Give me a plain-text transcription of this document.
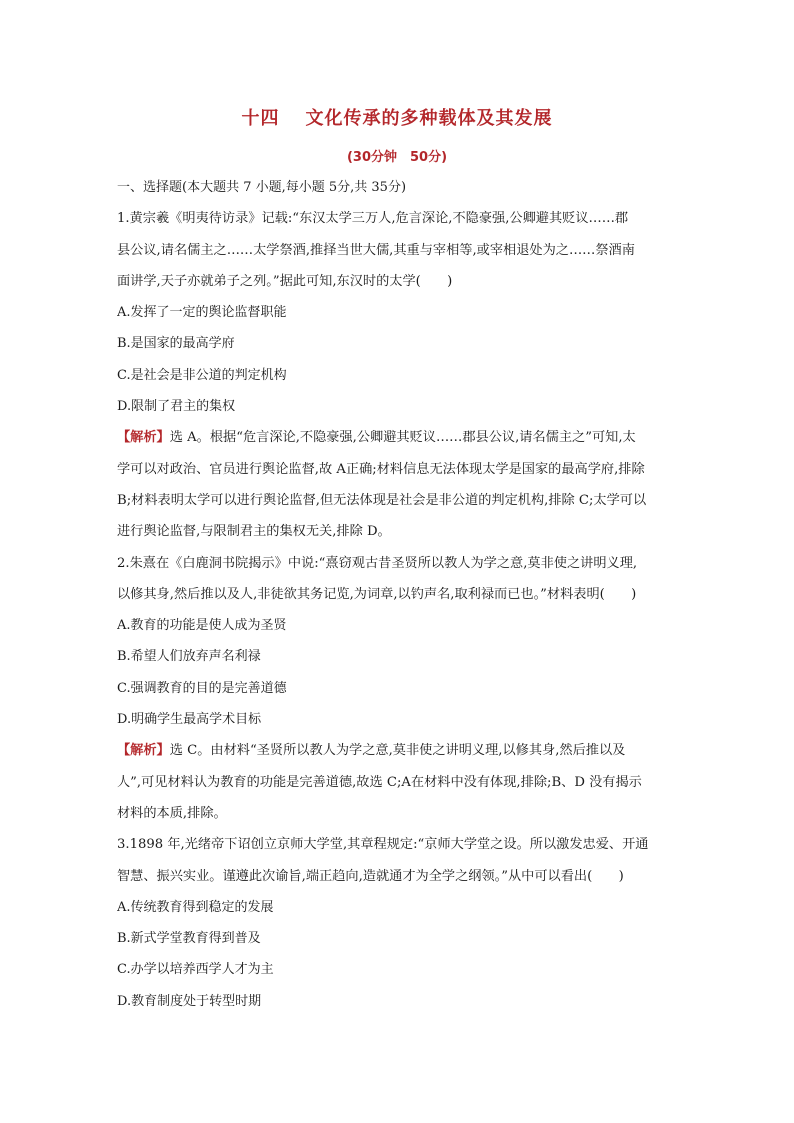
十四 文化传承的多种载体及其发展
(30分钟　50分)
一、选择题(本大题共 7 小题,每小题 5分,共 35分)
1.黄宗羲《明夷待访录》记载:“东汉太学三万人,危言深论,不隐豪强,公卿避其贬议……郡
县公议,请名儒主之……太学祭酒,推择当世大儒,其重与宰相等,或宰相退处为之……祭酒南
面讲学,天子亦就弟子之列。”据此可知,东汉时的太学(　　)
A.发挥了一定的舆论监督职能
B.是国家的最高学府
C.是社会是非公道的判定机构
D.限制了君主的集权
【解析】选 A。根据“危言深论,不隐豪强,公卿避其贬议……郡县公议,请名儒主之”可知,太
学可以对政治、官员进行舆论监督,故 A正确;材料信息无法体现太学是国家的最高学府,排除
B;材料表明太学可以进行舆论监督,但无法体现是社会是非公道的判定机构,排除 C;太学可以
进行舆论监督,与限制君主的集权无关,排除 D。
2.朱熹在《白鹿洞书院揭示》中说:“熹窃观古昔圣贤所以教人为学之意,莫非使之讲明义理,
以修其身,然后推以及人,非徒欲其务记览,为词章,以钓声名,取利禄而已也。”材料表明(　　)
A.教育的功能是使人成为圣贤
B.希望人们放弃声名利禄
C.强调教育的目的是完善道德
D.明确学生最高学术目标
【解析】选 C。由材料“圣贤所以教人为学之意,莫非使之讲明义理,以修其身,然后推以及
人”,可见材料认为教育的功能是完善道德,故选 C;A在材料中没有体现,排除;B、D 没有揭示
材料的本质,排除。
3.1898 年,光绪帝下诏创立京师大学堂,其章程规定:“京师大学堂之设。所以激发忠爱、开通
智慧、振兴实业。谨遵此次谕旨,端正趋向,造就通才为全学之纲领。”从中可以看出(　　)
A.传统教育得到稳定的发展
B.新式学堂教育得到普及
C.办学以培养西学人才为主
D.教育制度处于转型时期
